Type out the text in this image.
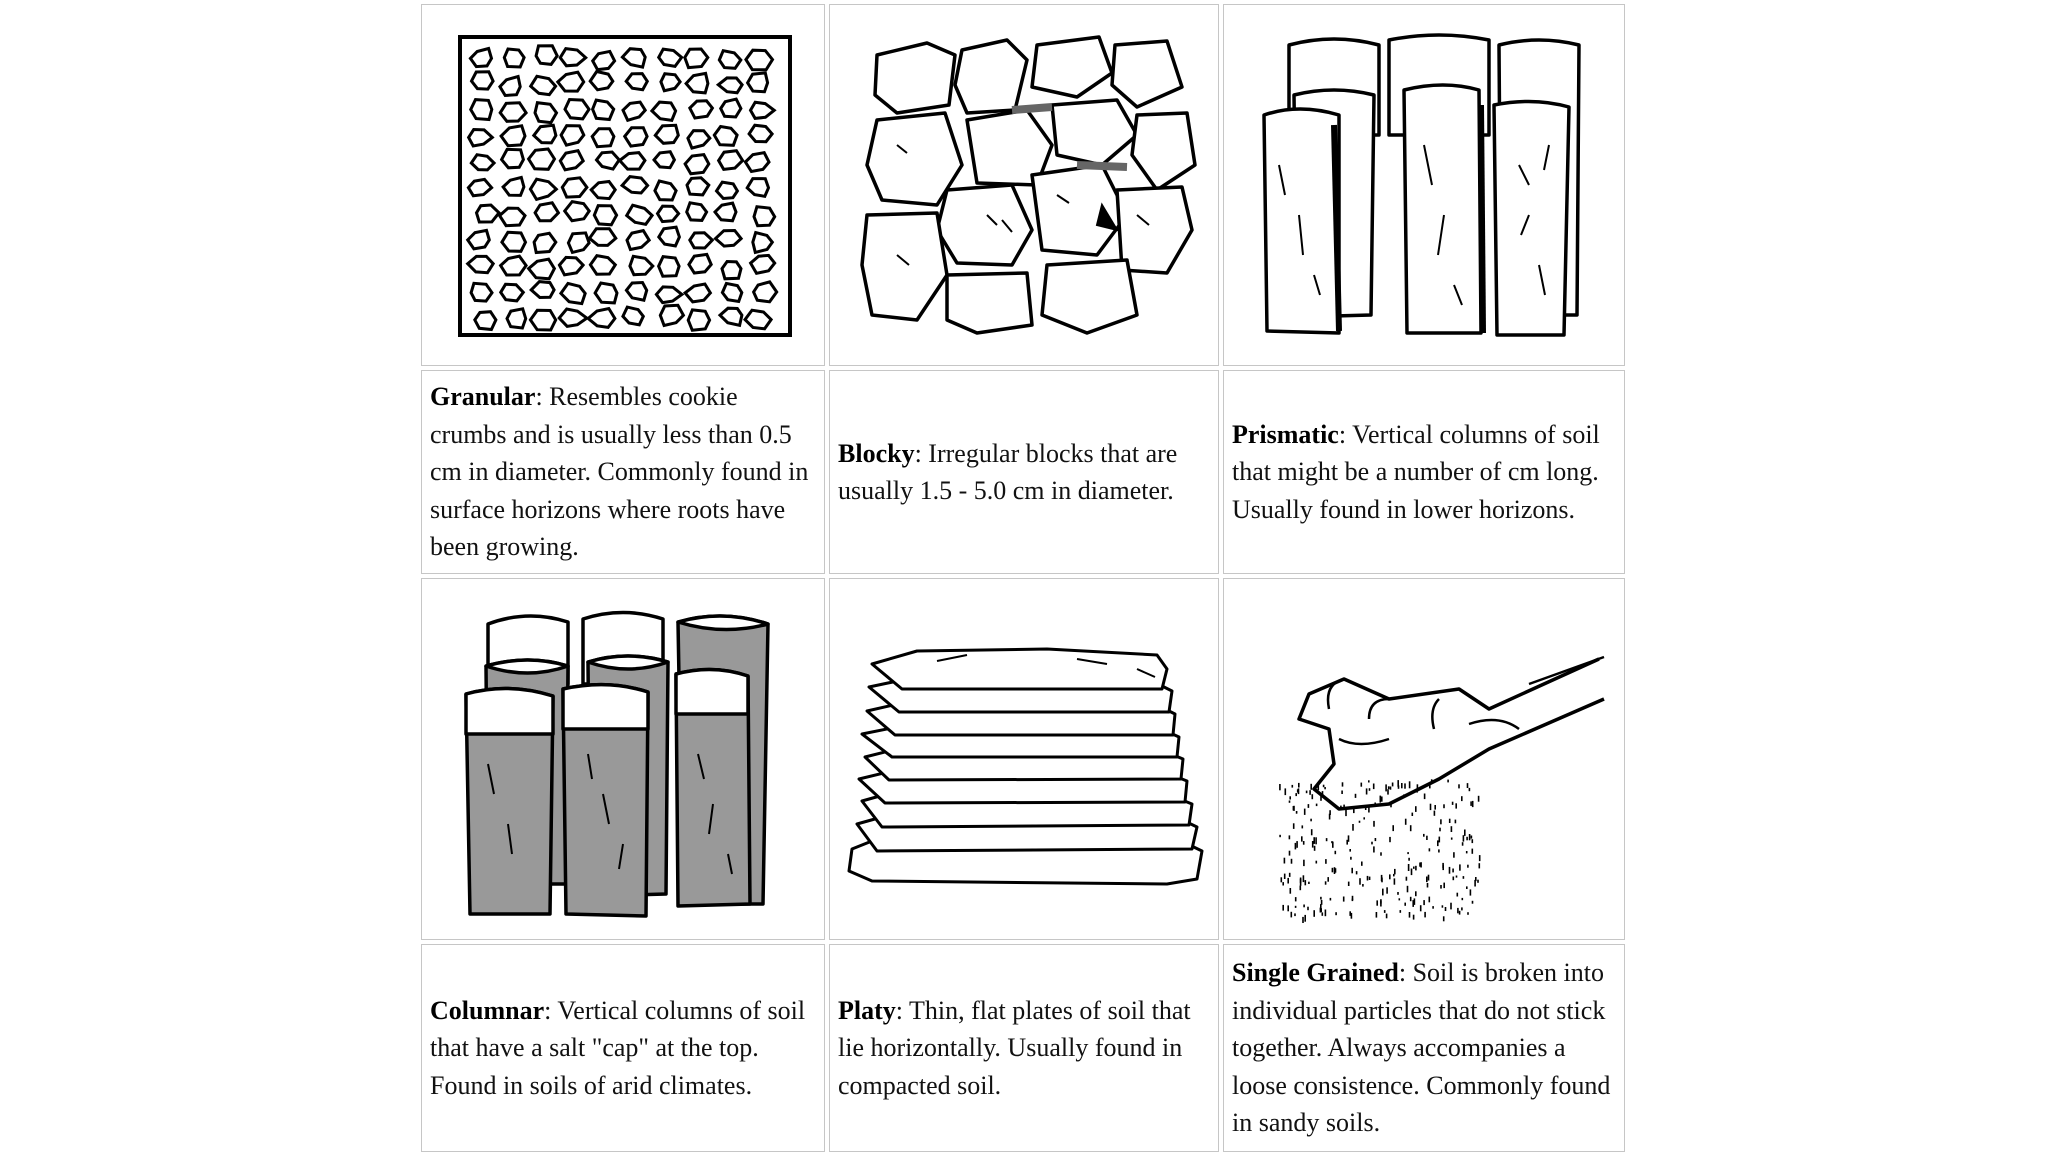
Granular: Resembles cookie crumbs and is usually less than 0.5 cm in diameter. Commonly found in surface horizons where roots have been growing.	Blocky: Irregular blocks that are usually 1.5 - 5.0 cm in diameter.	Prismatic: Vertical columns of soil that might be a number of cm long. Usually found in lower horizons.

Columnar: Vertical columns of soil that have a salt "cap" at the top. Found in soils of arid climates.	Platy: Thin, flat plates of soil that lie horizontally. Usually found in compacted soil.	Single Grained: Soil is broken into individual particles that do not stick together. Always accompanies a loose consistence. Commonly found in sandy soils.
